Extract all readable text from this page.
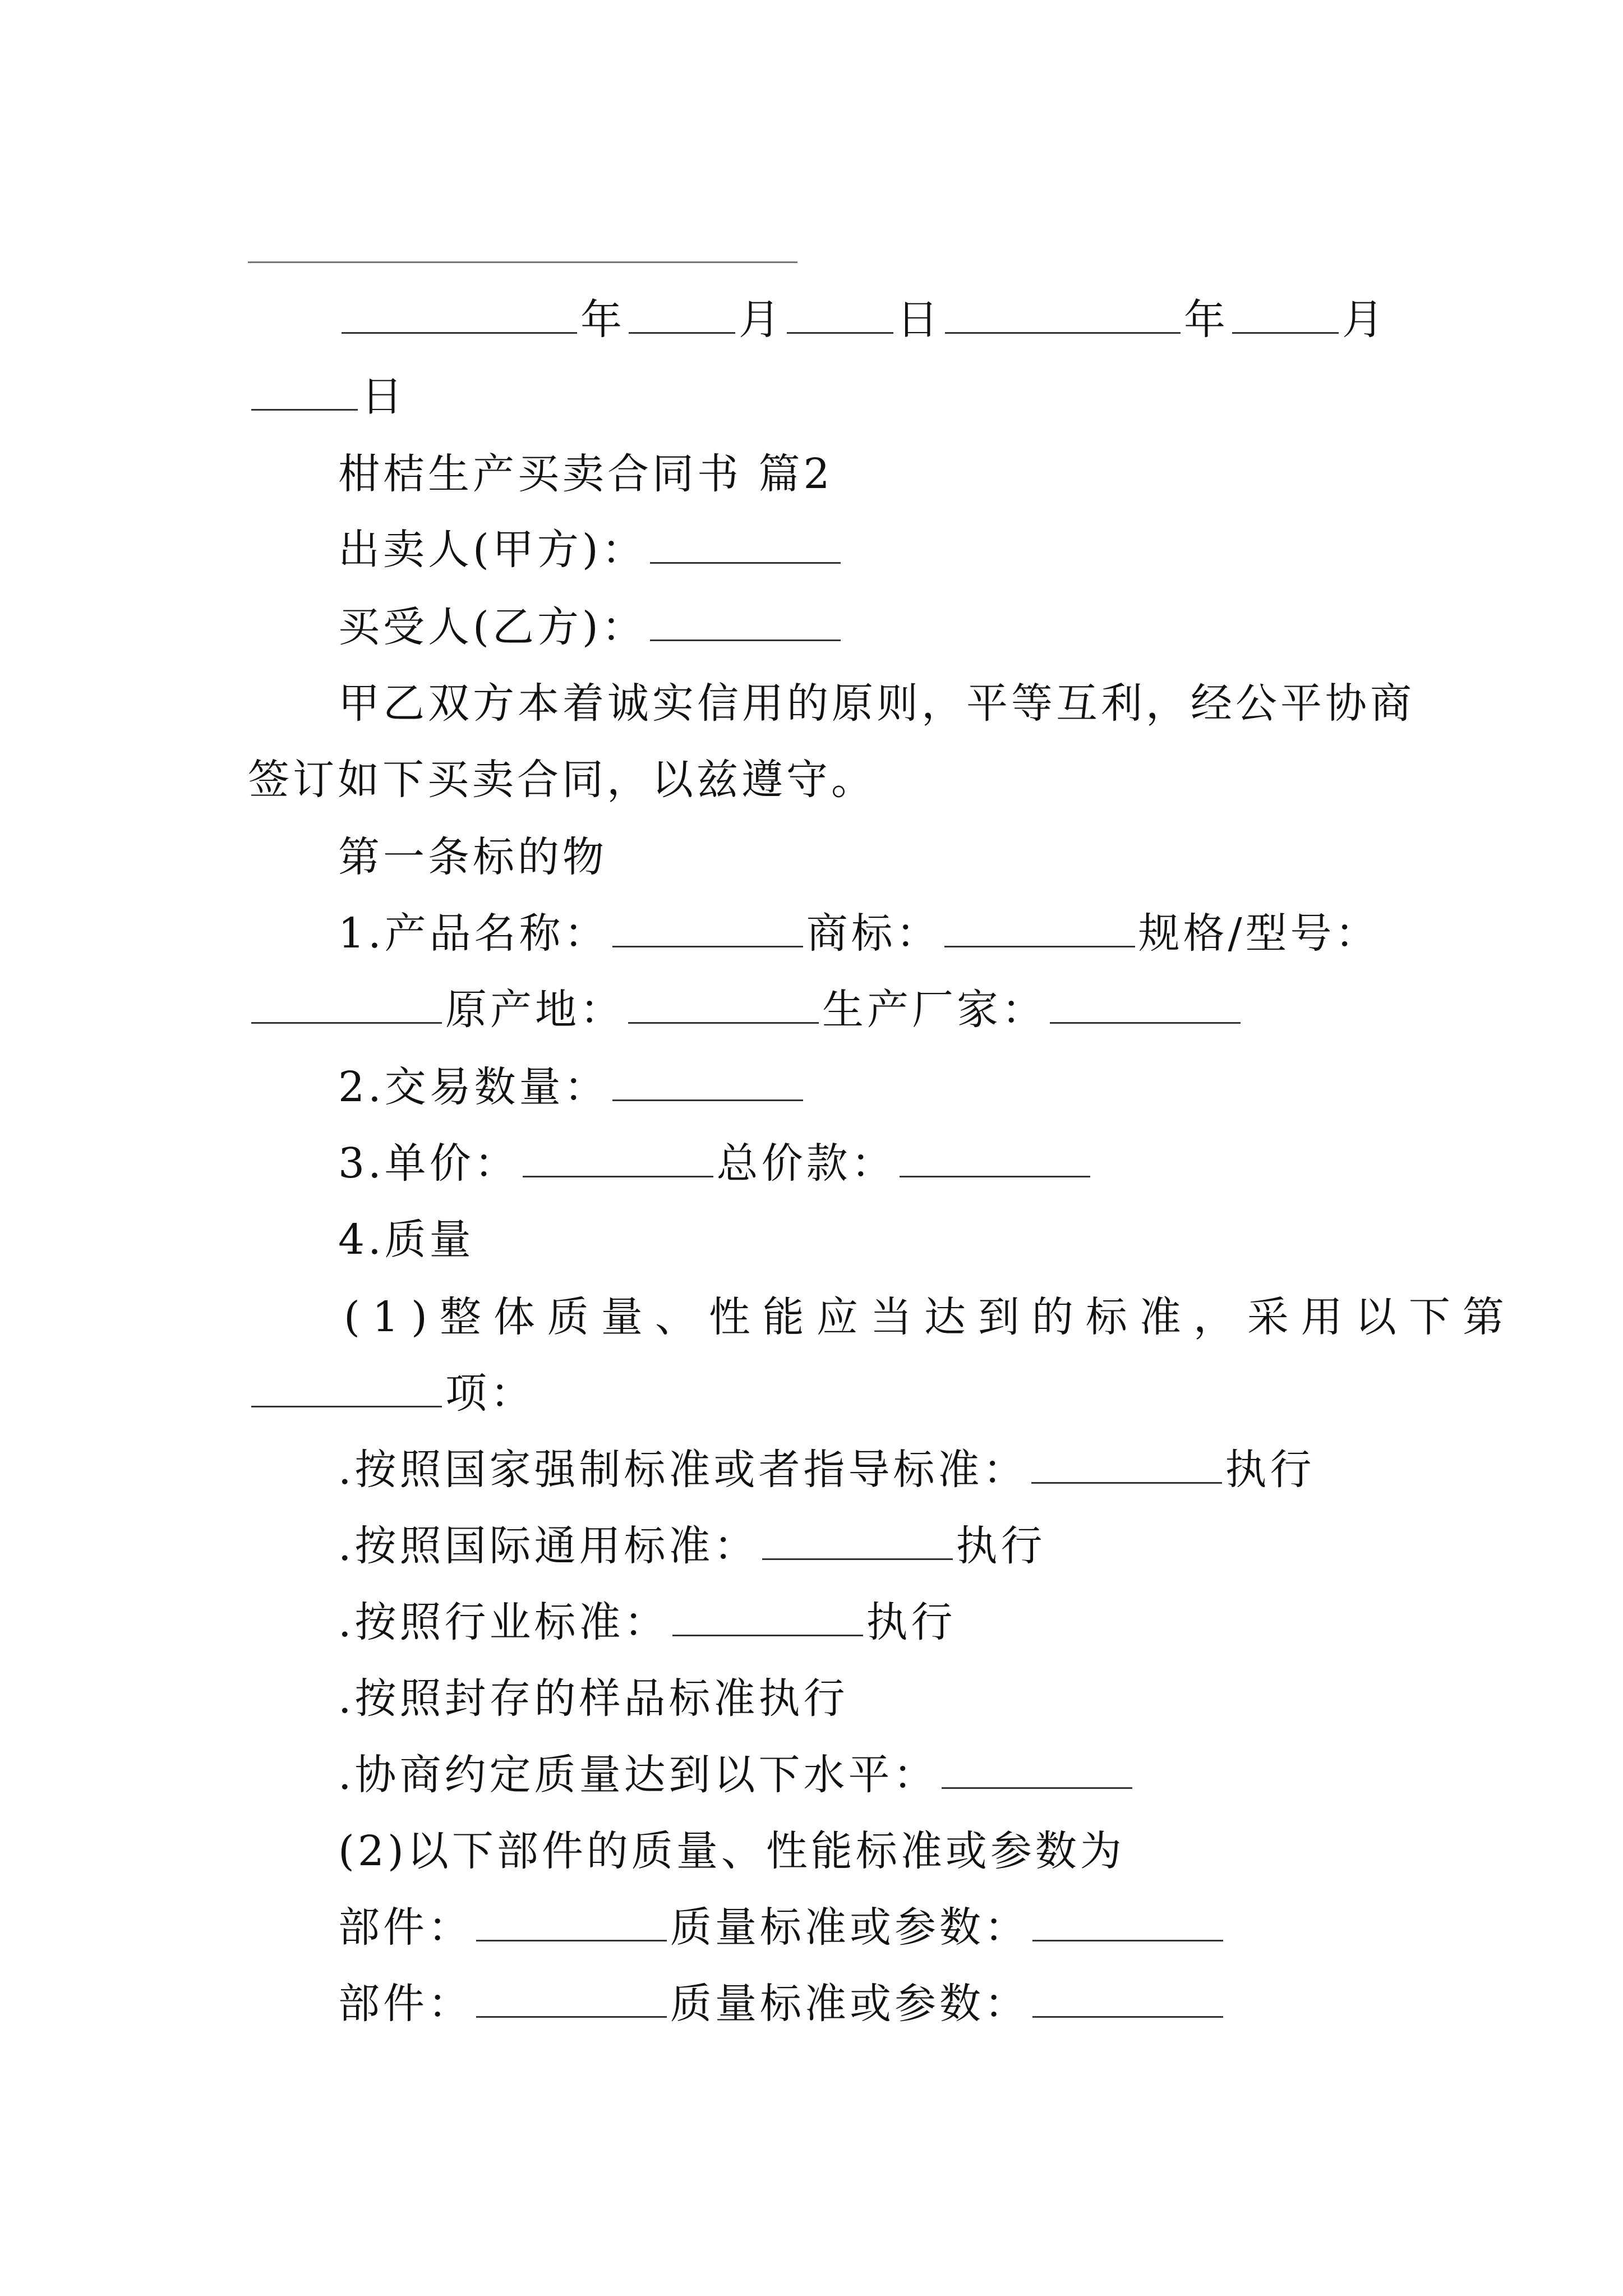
年	月	日	年	月
日
柑桔生产买卖合同书 篇2
出卖人(甲方)：
买受人(乙方)：
甲乙双方本着诚实信用的原则，平等互利，经公平协商
签订如下买卖合同，以兹遵守。
第一条标的物
1.产品名称：	商标：	规格/型号：
原产地：	生产厂家：
2.交易数量：
3.单价：	总价款：
4.质量
(1)整体质量、性能应当达到的标准，采用以下第
项：
.按照国家强制标准或者指导标准：	执行
.按照国际通用标准：	执行
.按照行业标准：	执行
.按照封存的样品标准执行
.协商约定质量达到以下水平：
(2)以下部件的质量、性能标准或参数为
部件：	质量标准或参数：
部件：	质量标准或参数：
